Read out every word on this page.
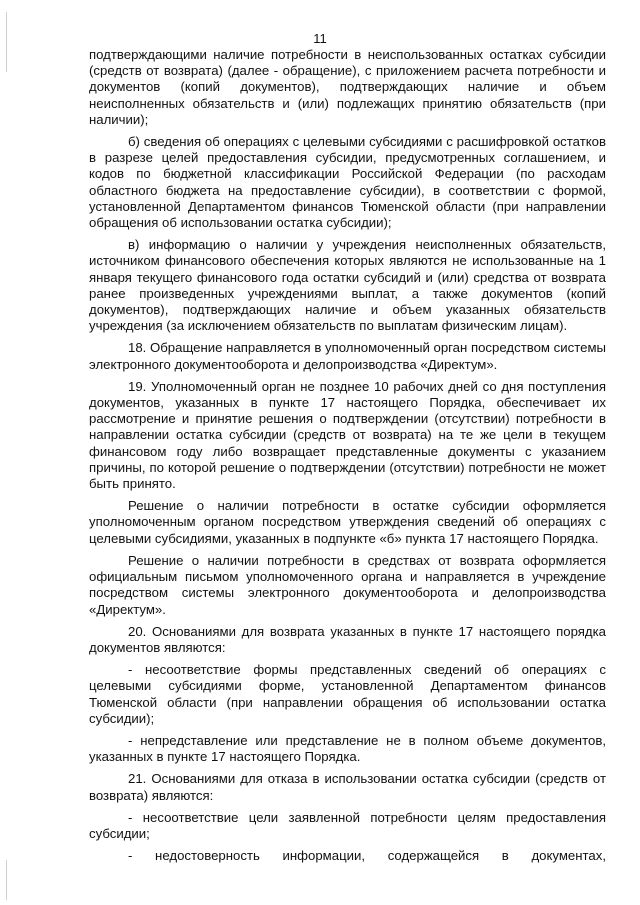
11

подтверждающими наличие потребности в неиспользованных остатках субсидии (средств от возврата) (далее - обращение), с приложением расчета потребности и документов (копий документов), подтверждающих наличие и объем неисполненных обязательств и (или) подлежащих принятию обязательств (при наличии);

б) сведения об операциях с целевыми субсидиями с расшифровкой остатков в разрезе целей предоставления субсидии, предусмотренных соглашением, и кодов по бюджетной классификации Российской Федерации (по расходам областного бюджета на предоставление субсидии), в соответствии с формой, установленной Департаментом финансов Тюменской области (при направлении обращения об использовании остатка субсидии);

в) информацию о наличии у учреждения неисполненных обязательств, источником финансового обеспечения которых являются не использованные на 1 января текущего финансового года остатки субсидий и (или) средства от возврата ранее произведенных учреждениями выплат, а также документов (копий документов), подтверждающих наличие и объем указанных обязательств учреждения (за исключением обязательств по выплатам физическим лицам).

18. Обращение направляется в уполномоченный орган посредством системы электронного документооборота и делопроизводства «Директум».

19. Уполномоченный орган не позднее 10 рабочих дней со дня поступления документов, указанных в пункте 17 настоящего Порядка, обеспечивает их рассмотрение и принятие решения о подтверждении (отсутствии) потребности в направлении остатка субсидии (средств от возврата) на те же цели в текущем финансовом году либо возвращает представленные документы с указанием причины, по которой решение о подтверждении (отсутствии) потребности не может быть принято.

Решение о наличии потребности в остатке субсидии оформляется уполномоченным органом посредством утверждения сведений об операциях с целевыми субсидиями, указанных в подпункте «б» пункта 17 настоящего Порядка.

Решение о наличии потребности в средствах от возврата оформляется официальным письмом уполномоченного органа и направляется в учреждение посредством системы электронного документооборота и делопроизводства «Директум».

20. Основаниями для возврата указанных в пункте 17 настоящего порядка документов являются:

- несоответствие формы представленных сведений об операциях с целевыми субсидиями форме, установленной Департаментом финансов Тюменской области (при направлении обращения об использовании остатка субсидии);

- непредставление или представление не в полном объеме документов, указанных в пункте 17 настоящего Порядка.

21. Основаниями для отказа в использовании остатка субсидии (средств от возврата) являются:

- несоответствие цели заявленной потребности целям предоставления субсидии;

- недостоверность информации, содержащейся в документах,
